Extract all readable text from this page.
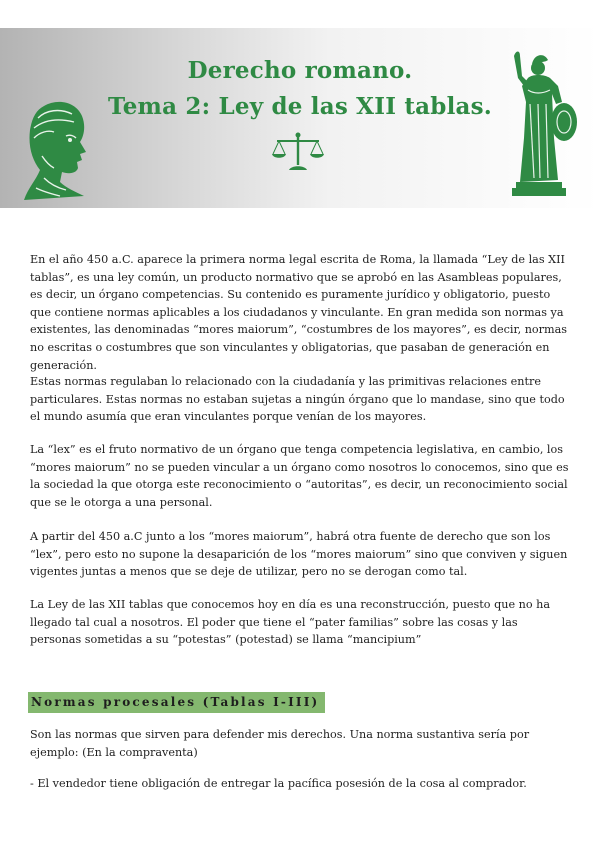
Derecho romano.
Tema 2: Ley de las XII tablas.

En el año 450 a.C. aparece la primera norma legal escrita de Roma, la llamada “Ley de las XII tablas”, es una ley común, un producto normativo que se aprobó en las Asambleas populares, es decir, un órgano competencias. Su contenido es puramente jurídico y obligatorio, puesto que contiene normas aplicables a los ciudadanos y vinculante. En gran medida son normas ya existentes, las denominadas “mores maiorum”, “costumbres de los mayores”, es decir, normas no escritas o costumbres que son vinculantes y obligatorias, que pasaban de generación en generación.

Estas normas regulaban lo relacionado con la ciudadanía y las primitivas relaciones entre particulares. Estas normas no estaban sujetas a ningún órgano que lo mandase, sino que todo el mundo asumía que eran vinculantes porque venían de los mayores.

La “lex” es el fruto normativo de un órgano que tenga competencia legislativa, en cambio, los “mores maiorum” no se pueden vincular a un órgano como nosotros lo conocemos, sino que es la sociedad la que otorga este reconocimiento o “autoritas”, es decir, un reconocimiento social que se le otorga a una personal.

A partir del 450 a.C junto a los “mores maiorum”, habrá otra fuente de derecho que son los “lex”, pero esto no supone la desaparición de los “mores maiorum” sino que conviven y siguen vigentes juntas a menos que se deje de utilizar, pero no se derogan como tal.

La Ley de las XII tablas que conocemos hoy en día es una reconstrucción, puesto que no ha llegado tal cual a nosotros. El poder que tiene el “pater familias” sobre las cosas y las personas sometidas a su “potestas” (potestad) se llama “mancipium”

Normas procesales (Tablas I-III)

Son las normas que sirven para defender mis derechos. Una norma sustantiva sería por ejemplo: (En la compraventa)

- El vendedor tiene obligación de entregar la pacífica posesión de la cosa al comprador.
